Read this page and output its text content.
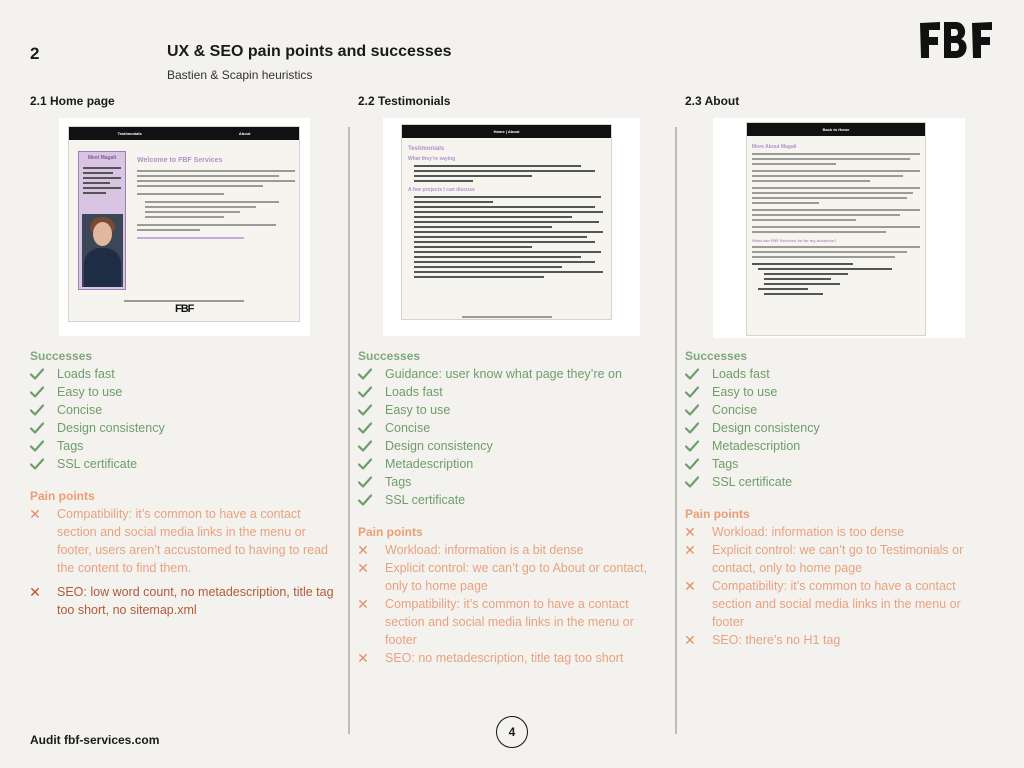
2	UX & SEO pain points and successes
Bastien & Scapin heuristics
Testimonials	About
Meet Magali	Welcome to FBF Services
FBF
Home | About
Testimonials
What they’re saying
A few projects I can discuss
Back to Home
More About Magali
What can FBF Services do for my business?
2.1 Home page
Successes
Loads fast
Easy to use
Concise
Design consistency
Tags
SSL certificate
Pain points
✕ Compatibility: it’s common to have a contact section and social media links in the menu or footer, users aren’t accustomed to having to read the content to find them.
✕ SEO: low word count, no metadescription, title tag too short, no sitemap.xml
2.2 Testimonials
Successes
Guidance: user know what page they’re on
Loads fast
Easy to use
Concise
Design consistency
Metadescription
Tags
SSL certificate
Pain points
✕ Workload: information is a bit dense
✕ Explicit control: we can’t go to About or contact, only to home page
✕ Compatibility: it’s common to have a contact section and social media links in the menu or footer
✕ SEO: no metadescription, title tag too short
2.3 About
Successes
Loads fast
Easy to use
Concise
Design consistency
Metadescription
Tags
SSL certificate
Pain points
✕ Workload: information is too dense
✕ Explicit control: we can’t go to Testimonials or contact, only to home page
✕ Compatibility: it’s common to have a contact section and social media links in the menu or footer
✕ SEO: there’s no H1 tag
Audit fbf-services.com
4
